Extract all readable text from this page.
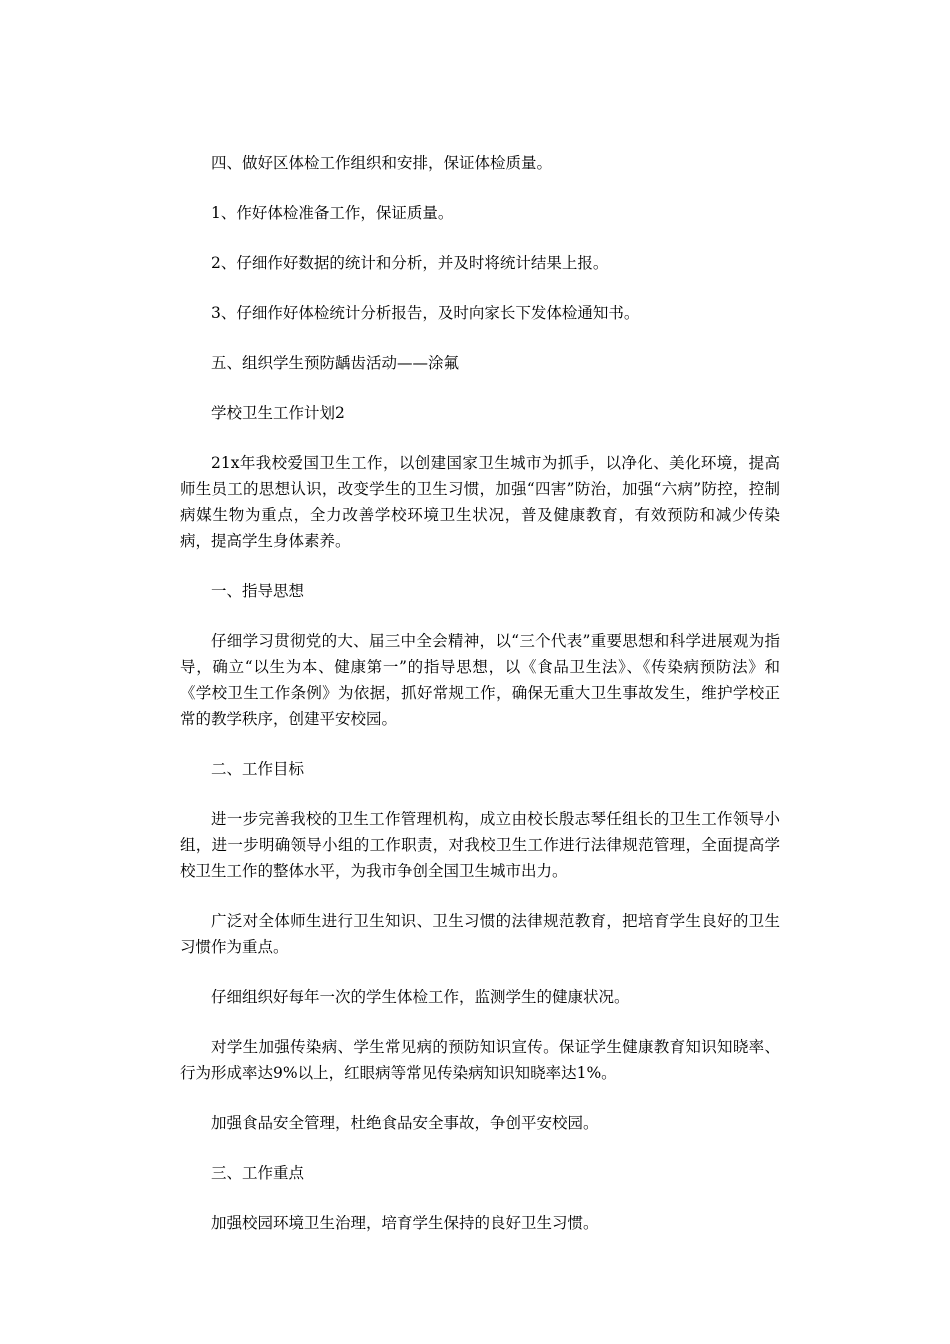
四、做好区体检工作组织和安排，保证体检质量。

1、作好体检准备工作，保证质量。

2、仔细作好数据的统计和分析，并及时将统计结果上报。

3、仔细作好体检统计分析报告，及时向家长下发体检通知书。

五、组织学生预防龋齿活动——涂氟

学校卫生工作计划2

21x年我校爱国卫生工作，以创建国家卫生城市为抓手，以净化、美化环境，提高师生员工的思想认识，改变学生的卫生习惯，加强“四害”防治，加强“六病”防控，控制病媒生物为重点，全力改善学校环境卫生状况，普及健康教育，有效预防和减少传染病，提高学生身体素养。

一、指导思想

仔细学习贯彻党的大、届三中全会精神，以“三个代表”重要思想和科学进展观为指导，确立“以生为本、健康第一”的指导思想，以《食品卫生法》、《传染病预防法》和《学校卫生工作条例》为依据，抓好常规工作，确保无重大卫生事故发生，维护学校正常的教学秩序，创建平安校园。

二、工作目标

进一步完善我校的卫生工作管理机构，成立由校长殷志琴任组长的卫生工作领导小组，进一步明确领导小组的工作职责，对我校卫生工作进行法律规范管理，全面提高学校卫生工作的整体水平，为我市争创全国卫生城市出力。

广泛对全体师生进行卫生知识、卫生习惯的法律规范教育，把培育学生良好的卫生习惯作为重点。

仔细组织好每年一次的学生体检工作，监测学生的健康状况。

对学生加强传染病、学生常见病的预防知识宣传。保证学生健康教育知识知晓率、行为形成率达9%以上，红眼病等常见传染病知识知晓率达1%。

加强食品安全管理，杜绝食品安全事故，争创平安校园。

三、工作重点

加强校园环境卫生治理，培育学生保持的良好卫生习惯。
